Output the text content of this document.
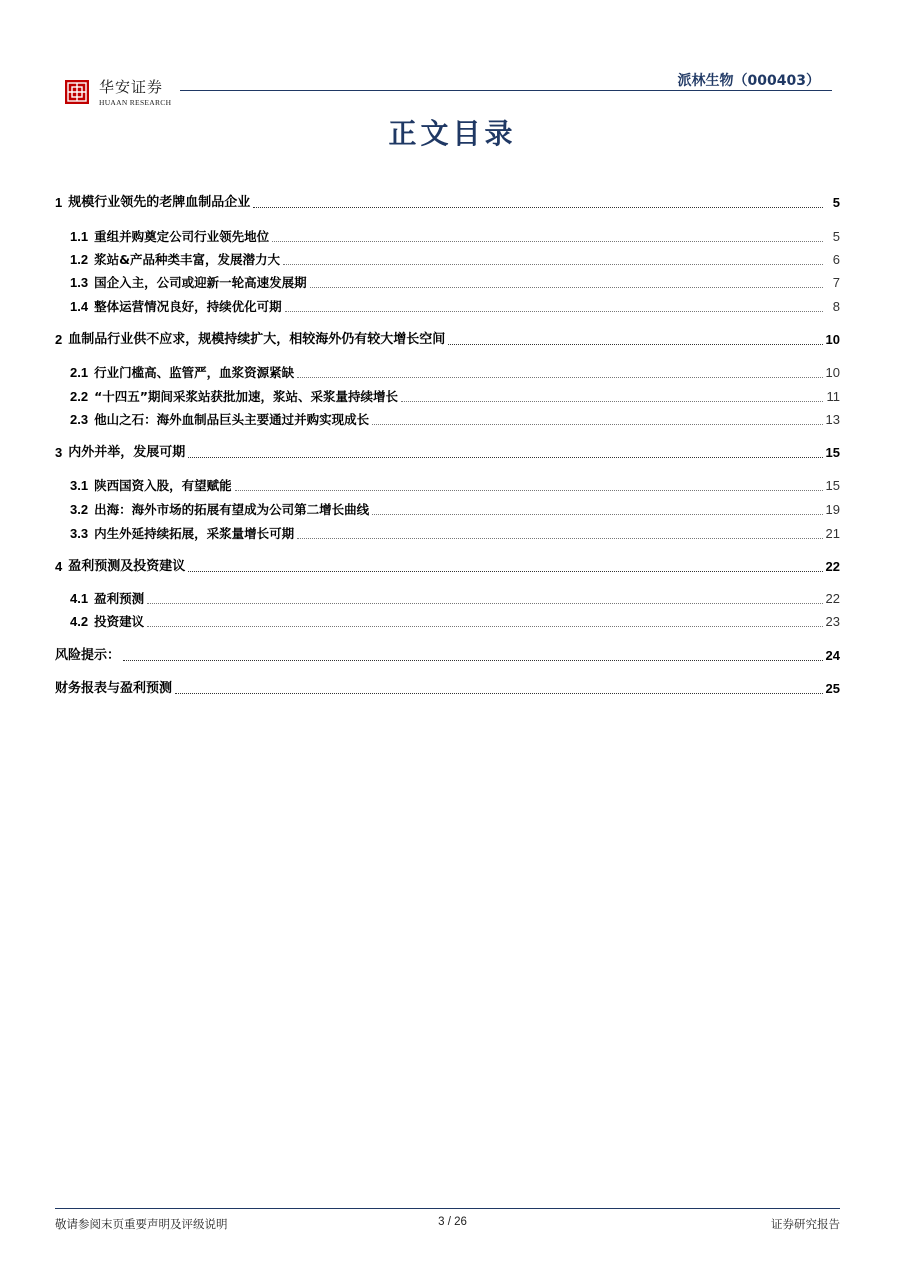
华安证券
HUAAN RESEARCH
派林生物（000403）
正文目录
1 规模行业领先的老牌血制品企业	5
1.1 重组并购奠定公司行业领先地位	5
1.2 浆站&产品种类丰富，发展潜力大	6
1.3 国企入主，公司或迎新一轮高速发展期	7
1.4 整体运营情况良好，持续优化可期	8
2 血制品行业供不应求，规模持续扩大，相较海外仍有较大增长空间	10
2.1 行业门槛高、监管严，血浆资源紧缺	10
2.2 “十四五”期间采浆站获批加速，浆站、采浆量持续增长	11
2.3 他山之石：海外血制品巨头主要通过并购实现成长	13
3 内外并举，发展可期	15
3.1 陕西国资入股，有望赋能	15
3.2 出海：海外市场的拓展有望成为公司第二增长曲线	19
3.3 内生外延持续拓展，采浆量增长可期	21
4 盈利预测及投资建议	22
4.1 盈利预测	22
4.2 投资建议	23
风险提示：	24
财务报表与盈利预测	25
敬请参阅末页重要声明及评级说明	3 / 26	证券研究报告
